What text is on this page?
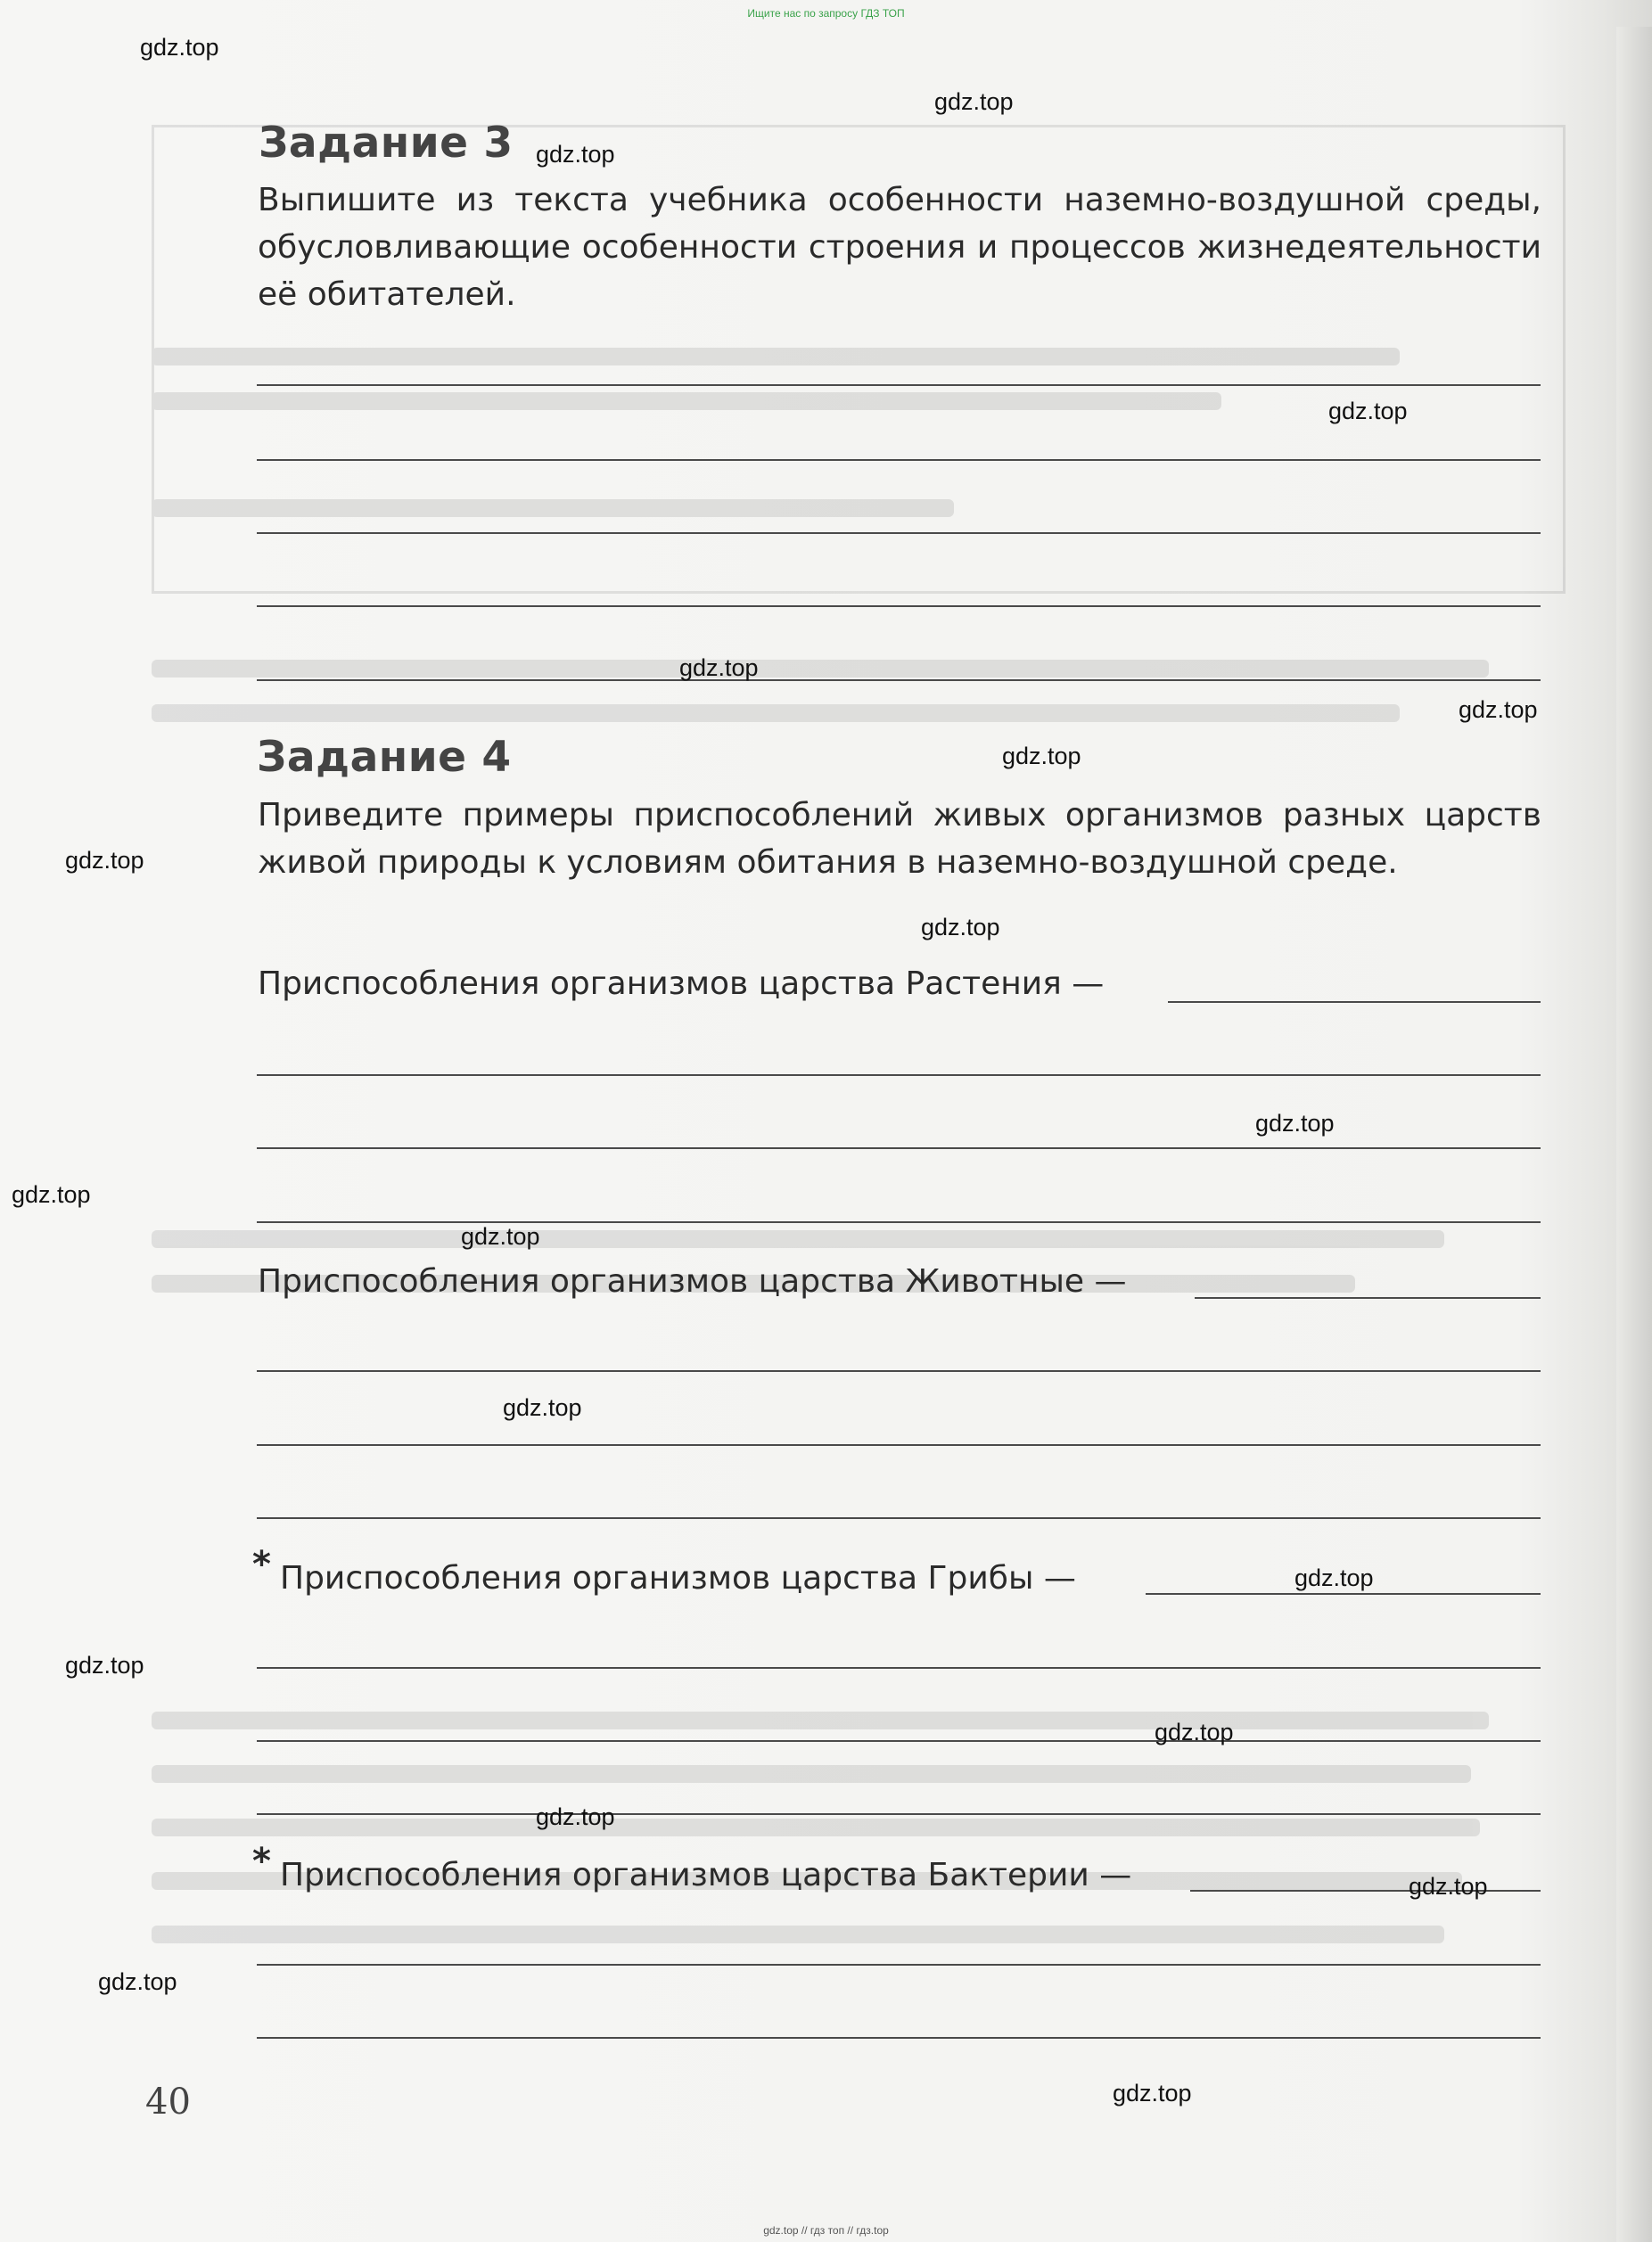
Ищите нас по запросу ГДЗ ТОП
Задание 3
Выпишите из текста учебника особенности наземно-воздушной среды, обусловливающие особенности строения и процессов жизнедеятельности её обитателей.
Задание 4
Приведите примеры приспособлений живых организмов разных царств живой природы к условиям обитания в наземно-воздушной среде.
Приспособления организмов царства Растения —
Приспособления организмов царства Животные —
* Приспособления организмов царства Грибы —
* Приспособления организмов царства Бактерии —
40
gdz.top
gdz.top
gdz.top
gdz.top
gdz.top
gdz.top
gdz.top
gdz.top
gdz.top
gdz.top
gdz.top
gdz.top
gdz.top
gdz.top
gdz.top
gdz.top
gdz.top
gdz.top
gdz.top
gdz.top
gdz.top // гдз топ // гдз.top
